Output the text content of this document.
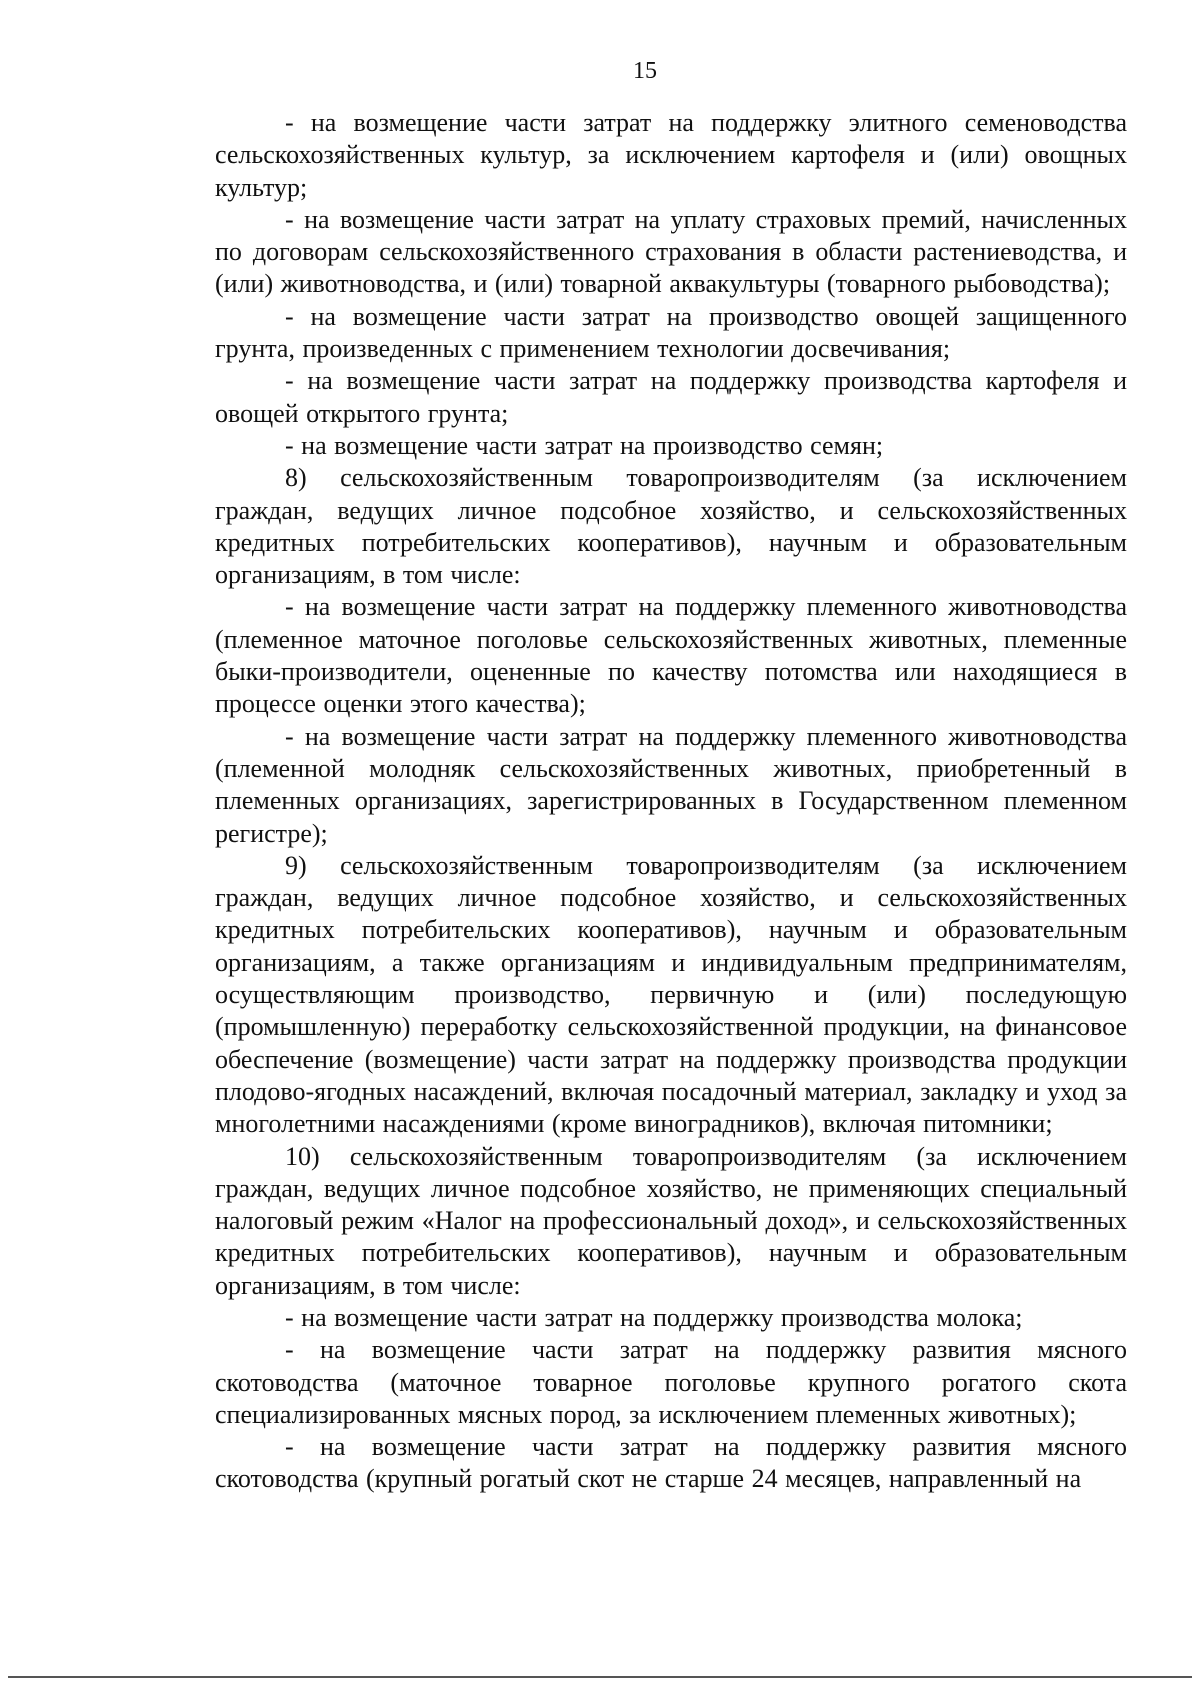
15

- на возмещение части затрат на поддержку элитного семеноводства сельскохозяйственных культур, за исключением картофеля и (или) овощных культур;

- на возмещение части затрат на уплату страховых премий, начисленных по договорам сельскохозяйственного страхования в области растениеводства, и (или) животноводства, и (или) товарной аквакультуры (товарного рыбоводства);

- на возмещение части затрат на производство овощей защищенного грунта, произведенных с применением технологии досвечивания;

- на возмещение части затрат на поддержку производства картофеля и овощей открытого грунта;

- на возмещение части затрат на производство семян;

8) сельскохозяйственным товаропроизводителям (за исключением граждан, ведущих личное подсобное хозяйство, и сельскохозяйственных кредитных потребительских кооперативов), научным и образовательным организациям, в том числе:

- на возмещение части затрат на поддержку племенного животноводства (племенное маточное поголовье сельскохозяйственных животных, племенные быки-производители, оцененные по качеству потомства или находящиеся в процессе оценки этого качества);

- на возмещение части затрат на поддержку племенного животноводства (племенной молодняк сельскохозяйственных животных, приобретенный в племенных организациях, зарегистрированных в Государственном племенном регистре);

9) сельскохозяйственным товаропроизводителям (за исключением граждан, ведущих личное подсобное хозяйство, и сельскохозяйственных кредитных потребительских кооперативов), научным и образовательным организациям, а также организациям и индивидуальным предпринимателям, осуществляющим производство, первичную и (или) последующую (промышленную) переработку сельскохозяйственной продукции, на финансовое обеспечение (возмещение) части затрат на поддержку производства продукции плодово-ягодных насаждений, включая посадочный материал, закладку и уход за многолетними насаждениями (кроме виноградников), включая питомники;

10) сельскохозяйственным товаропроизводителям (за исключением граждан, ведущих личное подсобное хозяйство, не применяющих специальный налоговый режим «Налог на профессиональный доход», и сельскохозяйственных кредитных потребительских кооперативов), научным и образовательным организациям, в том числе:

- на возмещение части затрат на поддержку производства молока;

- на возмещение части затрат на поддержку развития мясного скотоводства (маточное товарное поголовье крупного рогатого скота специализированных мясных пород, за исключением племенных животных);

- на возмещение части затрат на поддержку развития мясного скотоводства (крупный рогатый скот не старше 24 месяцев, направленный на
